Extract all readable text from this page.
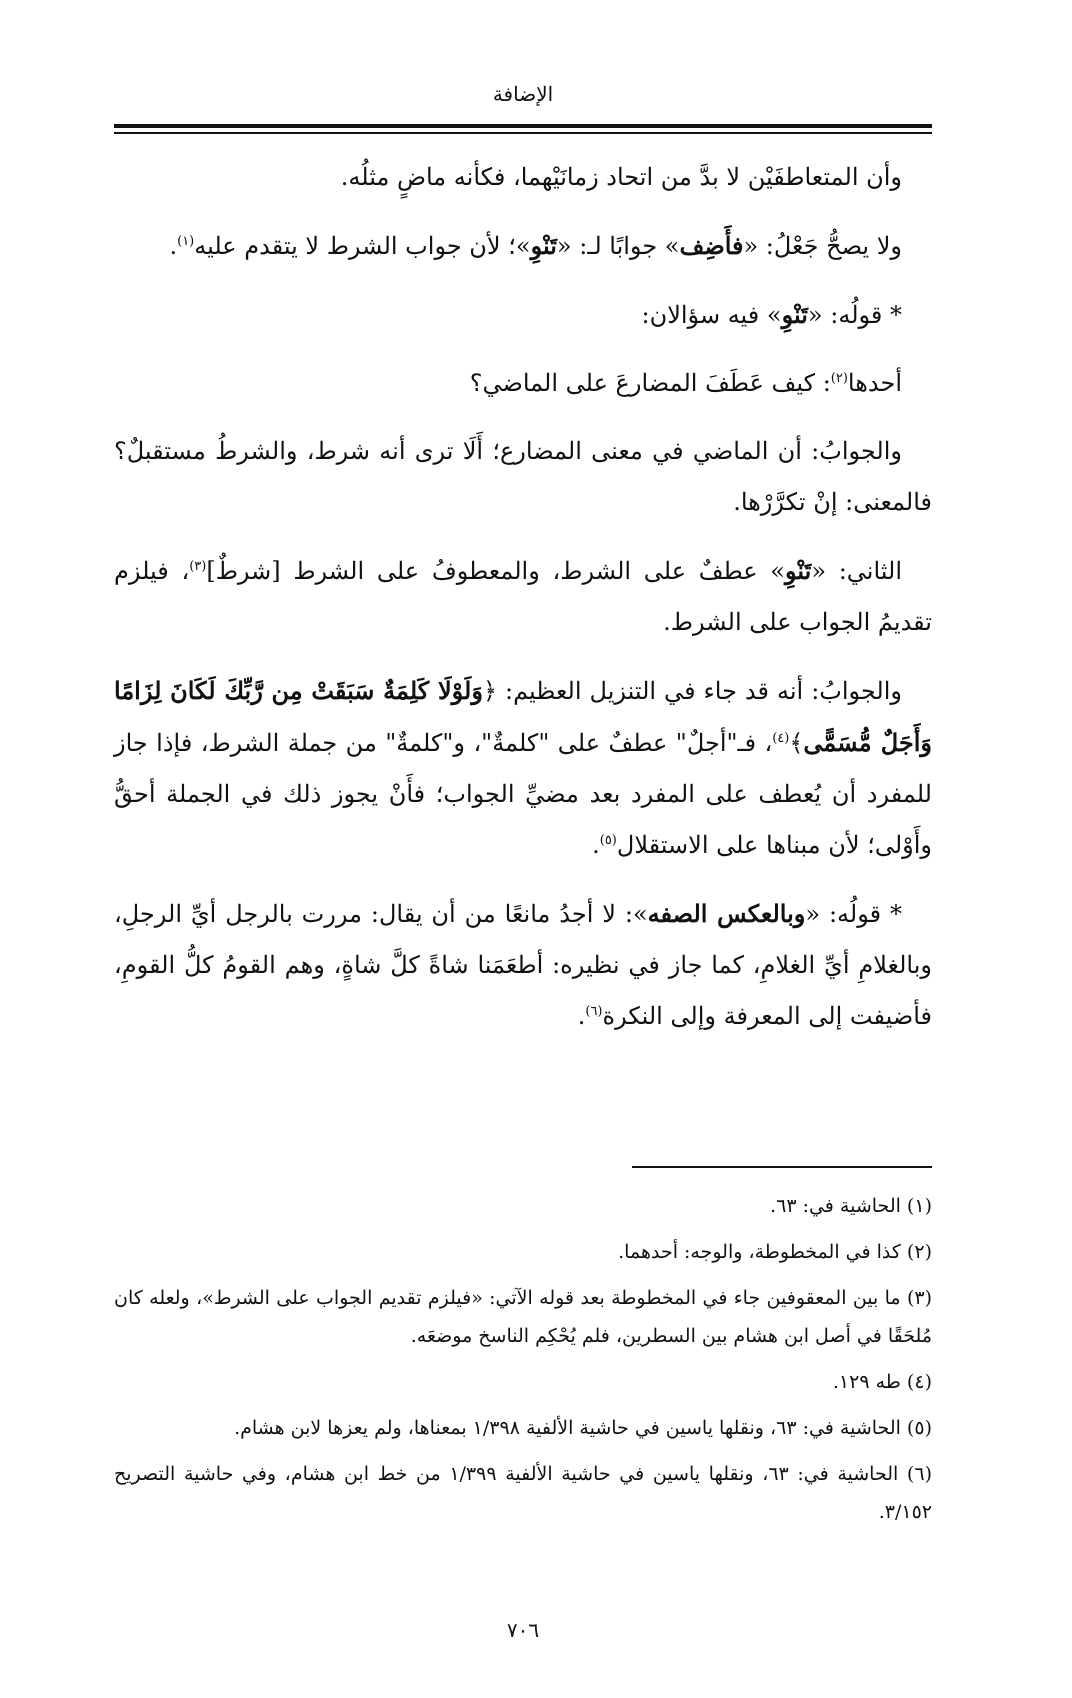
الإضافة

وأن المتعاطفَيْن لا بدَّ من اتحاد زمانَيْهما، فكأنه ماضٍ مثلُه.

ولا يصحُّ جَعْلُ: «فأَضِف» جوابًا لـ: «تَنْوِ»؛ لأن جواب الشرط لا يتقدم عليه$^{(١)}$.

* قولُه: «تَنْوِ» فيه سؤالان:

أحدها$^{(٢)}$: كيف عَطَفَ المضارعَ على الماضي؟

والجوابُ: أن الماضي في معنى المضارع؛ أَلَا ترى أنه شرط، والشرطُ مستقبلٌ؟ فالمعنى: إنْ تكرَّرْها.

الثاني: «تَنْوِ» عطفٌ على الشرط، والمعطوفُ على الشرط [شرطٌ]$^{(٣)}$، فيلزم تقديمُ الجواب على الشرط.

والجوابُ: أنه قد جاء في التنزيل العظيم: ﴿وَلَوْلَا كَلِمَةٌ سَبَقَتْ مِن رَّبِّكَ لَكَانَ لِزَامًا وَأَجَلٌ مُّسَمًّى﴾$^{(٤)}$، فـ"أجلٌ" عطفٌ على "كلمةٌ"، و"كلمةٌ" من جملة الشرط، فإذا جاز للمفرد أن يُعطف على المفرد بعد مضيِّ الجواب؛ فأَنْ يجوز ذلك في الجملة أحقُّ وأَوْلى؛ لأن مبناها على الاستقلال$^{(٥)}$.

* قولُه: «وبالعكس الصفه»: لا أجدُ مانعًا من أن يقال: مررت بالرجل أيِّ الرجلِ، وبالغلامِ أيِّ الغلامِ، كما جاز في نظيره: أطعَمَنا شاةً كلَّ شاةٍ، وهم القومُ كلُّ القومِ، فأضيفت إلى المعرفة وإلى النكرة$^{(٦)}$.

(١) الحاشية في: ٦٣.

(٢) كذا في المخطوطة، والوجه: أحدهما.

(٣) ما بين المعقوفين جاء في المخطوطة بعد قوله الآتي: «فيلزم تقديم الجواب على الشرط»، ولعله كان مُلحَقًا في أصل ابن هشام بين السطرين، فلم يُحْكِم الناسخ موضعَه.

(٤) طه ١٢٩.

(٥) الحاشية في: ٦٣، ونقلها ياسين في حاشية الألفية ١/٣٩٨ بمعناها، ولم يعزها لابن هشام.

(٦) الحاشية في: ٦٣، ونقلها ياسين في حاشية الألفية ١/٣٩٩ من خط ابن هشام، وفي حاشية التصريح ٣/١٥٢.

٧٠٦
